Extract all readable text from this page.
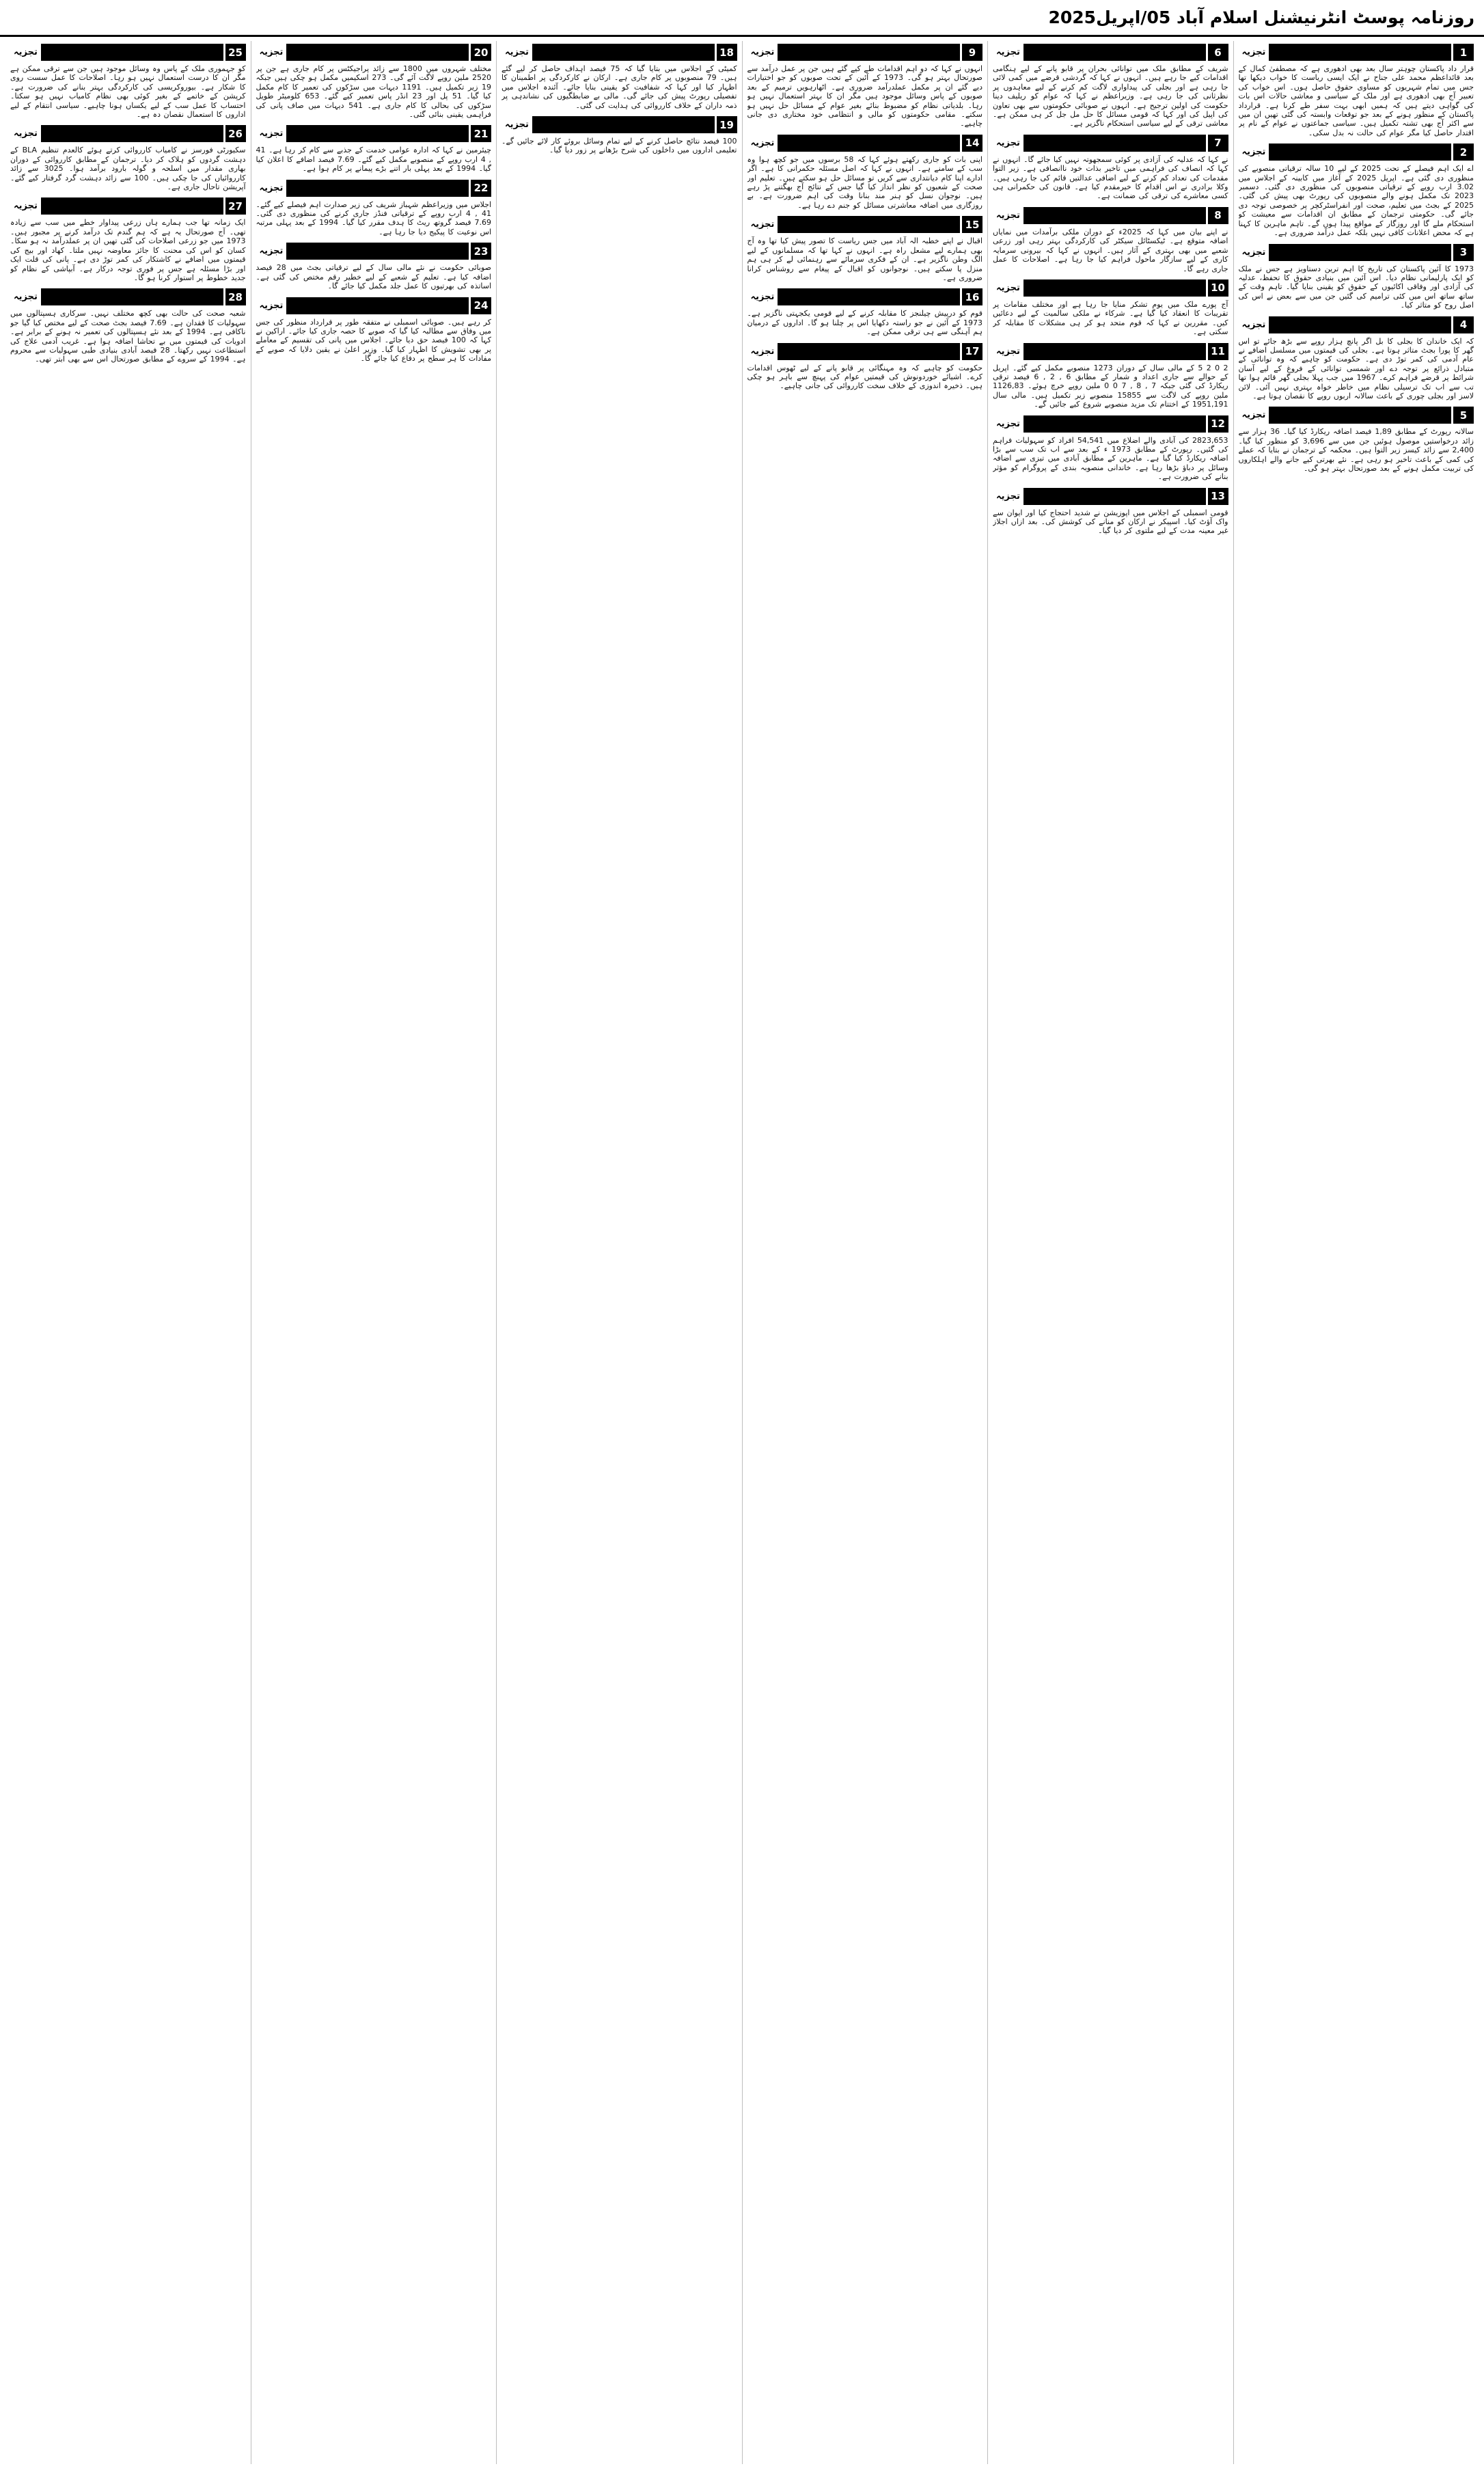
روزنامہ پوسٹ انٹرنیشنل اسلام آباد 05/اپریل2025
1
تجزیہ
قرار داد پاکستان چوہتر سال بعد بھی ادھوری ہے کہ مصطفیٰ کمال کے بعد قائداعظم محمد علی جناح نے ایک ایسی ریاست کا خواب دیکھا تھا جس میں تمام شہریوں کو مساوی حقوق حاصل ہوں۔ اس خواب کی تعبیر آج بھی ادھوری ہے اور ملک کے سیاسی و معاشی حالات اس بات کی گواہی دیتے ہیں کہ ہمیں ابھی بہت سفر طے کرنا ہے۔ قرارداد پاکستان کے منظور ہونے کے بعد جو توقعات وابستہ کی گئی تھیں ان میں سے اکثر آج بھی تشنہ تکمیل ہیں۔ سیاسی جماعتوں نے عوام کے نام پر اقتدار حاصل کیا مگر عوام کی حالت نہ بدل سکی۔
2
تجزیہ
اے ایک اہم فیصلے کے تحت 2025 کے لیے 10 سالہ ترقیاتی منصوبے کی منظوری دی گئی ہے۔ اپریل 2025 کے آغاز میں کابینہ کے اجلاس میں 3.02 ارب روپے کے ترقیاتی منصوبوں کی منظوری دی گئی۔ دسمبر 2023 تک مکمل ہونے والے منصوبوں کی رپورٹ بھی پیش کی گئی۔ 2025 کے بجٹ میں تعلیم، صحت اور انفراسٹرکچر پر خصوصی توجہ دی جائے گی۔ حکومتی ترجمان کے مطابق ان اقدامات سے معیشت کو استحکام ملے گا اور روزگار کے مواقع پیدا ہوں گے۔ تاہم ماہرین کا کہنا ہے کہ محض اعلانات کافی نہیں بلکہ عمل درآمد ضروری ہے۔
3
تجزیہ
1973 کا آئین پاکستان کی تاریخ کا اہم ترین دستاویز ہے جس نے ملک کو ایک پارلیمانی نظام دیا۔ اس آئین میں بنیادی حقوق کا تحفظ، عدلیہ کی آزادی اور وفاقی اکائیوں کے حقوق کو یقینی بنایا گیا۔ تاہم وقت کے ساتھ ساتھ اس میں کئی ترامیم کی گئیں جن میں سے بعض نے اس کی اصل روح کو متاثر کیا۔
4
تجزیہ
کہ ایک خاندان کا بجلی کا بل اگر پانچ ہزار روپے سے بڑھ جائے تو اس گھر کا پورا بجٹ متاثر ہوتا ہے۔ بجلی کی قیمتوں میں مسلسل اضافے نے عام آدمی کی کمر توڑ دی ہے۔ حکومت کو چاہیے کہ وہ توانائی کے متبادل ذرائع پر توجہ دے اور شمسی توانائی کے فروغ کے لیے آسان شرائط پر قرضے فراہم کرے۔ 1967 میں جب پہلا بجلی گھر قائم ہوا تھا تب سے اب تک ترسیلی نظام میں خاطر خواہ بہتری نہیں آئی۔ لائن لاسز اور بجلی چوری کے باعث سالانہ اربوں روپے کا نقصان ہوتا ہے۔
5
تجزیہ
سالانہ رپورٹ کے مطابق 1,89 فیصد اضافہ ریکارڈ کیا گیا۔ 36 ہزار سے زائد درخواستیں موصول ہوئیں جن میں سے 3,696 کو منظور کیا گیا۔ 2,400 سے زائد کیسز زیر التوا ہیں۔ محکمہ کے ترجمان نے بتایا کہ عملے کی کمی کے باعث تاخیر ہو رہی ہے۔ نئے بھرتی کیے جانے والے اہلکاروں کی تربیت مکمل ہونے کے بعد صورتحال بہتر ہو گی۔
6
تجزیہ
شریف کے مطابق ملک میں توانائی بحران پر قابو پانے کے لیے ہنگامی اقدامات کیے جا رہے ہیں۔ انہوں نے کہا کہ گردشی قرضے میں کمی لائی جا رہی ہے اور بجلی کی پیداواری لاگت کم کرنے کے لیے معاہدوں پر نظرثانی کی جا رہی ہے۔ وزیراعظم نے کہا کہ عوام کو ریلیف دینا حکومت کی اولین ترجیح ہے۔ انہوں نے صوبائی حکومتوں سے بھی تعاون کی اپیل کی اور کہا کہ قومی مسائل کا حل مل جل کر ہی ممکن ہے۔ معاشی ترقی کے لیے سیاسی استحکام ناگزیر ہے۔
7
تجزیہ
نے کہا کہ عدلیہ کی آزادی پر کوئی سمجھوتہ نہیں کیا جائے گا۔ انہوں نے کہا کہ انصاف کی فراہمی میں تاخیر بذات خود ناانصافی ہے۔ زیر التوا مقدمات کی تعداد کم کرنے کے لیے اضافی عدالتیں قائم کی جا رہی ہیں۔ وکلا برادری نے اس اقدام کا خیرمقدم کیا ہے۔ قانون کی حکمرانی ہی کسی معاشرے کی ترقی کی ضمانت ہے۔
8
تجزیہ
نے اپنے بیان میں کہا کہ 2025ء کے دوران ملکی برآمدات میں نمایاں اضافہ متوقع ہے۔ ٹیکسٹائل سیکٹر کی کارکردگی بہتر رہی اور زرعی شعبے میں بھی بہتری کے آثار ہیں۔ انہوں نے کہا کہ بیرونی سرمایہ کاری کے لیے سازگار ماحول فراہم کیا جا رہا ہے۔ اصلاحات کا عمل جاری رہے گا۔
10
تجزیہ
آج پورے ملک میں یوم تشکر منایا جا رہا ہے اور مختلف مقامات پر تقریبات کا انعقاد کیا گیا ہے۔ شرکاء نے ملکی سالمیت کے لیے دعائیں کیں۔ مقررین نے کہا کہ قوم متحد ہو کر ہی مشکلات کا مقابلہ کر سکتی ہے۔
11
تجزیہ
2 0 2 5 کے مالی سال کے دوران 1273 منصوبے مکمل کیے گئے۔ اپریل کے حوالے سے جاری اعداد و شمار کے مطابق 6 , 2 , 6 فیصد ترقی ریکارڈ کی گئی جبکہ 7 , 8 , 7 0 0 ملین روپے خرچ ہوئے۔ 1126,83 ملین روپے کی لاگت سے 15855 منصوبے زیر تکمیل ہیں۔ مالی سال 1951,191 کے اختتام تک مزید منصوبے شروع کیے جائیں گے۔
12
تجزیہ
2823,653 کی آبادی والے اضلاع میں 54,541 افراد کو سہولیات فراہم کی گئیں۔ رپورٹ کے مطابق 1973 ء کے بعد سے اب تک سب سے بڑا اضافہ ریکارڈ کیا گیا ہے۔ ماہرین کے مطابق آبادی میں تیزی سے اضافہ وسائل پر دباؤ بڑھا رہا ہے۔ خاندانی منصوبہ بندی کے پروگرام کو مؤثر بنانے کی ضرورت ہے۔
13
تجزیہ
قومی اسمبلی کے اجلاس میں اپوزیشن نے شدید احتجاج کیا اور ایوان سے واک آؤٹ کیا۔ اسپیکر نے ارکان کو منانے کی کوشش کی۔ بعد ازاں اجلاز غیر معینہ مدت کے لیے ملتوی کر دیا گیا۔
9
تجزیہ
انہوں نے کہا کہ دو اہم اقدامات طے کیے گئے ہیں جن پر عمل درآمد سے صورتحال بہتر ہو گی۔ 1973 کے آئین کے تحت صوبوں کو جو اختیارات دیے گئے ان پر مکمل عملدرآمد ضروری ہے۔ اٹھارہویں ترمیم کے بعد صوبوں کے پاس وسائل موجود ہیں مگر ان کا بہتر استعمال نہیں ہو رہا۔ بلدیاتی نظام کو مضبوط بنائے بغیر عوام کے مسائل حل نہیں ہو سکتے۔ مقامی حکومتوں کو مالی و انتظامی خود مختاری دی جانی چاہیے۔
14
تجزیہ
اپنی بات کو جاری رکھتے ہوئے کہا کہ 58 برسوں میں جو کچھ ہوا وہ سب کے سامنے ہے۔ انہوں نے کہا کہ اصل مسئلہ حکمرانی کا ہے۔ اگر ادارے اپنا کام دیانتداری سے کریں تو مسائل حل ہو سکتے ہیں۔ تعلیم اور صحت کے شعبوں کو نظر انداز کیا گیا جس کے نتائج آج بھگتنے پڑ رہے ہیں۔ نوجوان نسل کو ہنر مند بنانا وقت کی اہم ضرورت ہے۔ بے روزگاری میں اضافہ معاشرتی مسائل کو جنم دے رہا ہے۔
15
تجزیہ
اقبال نے اپنے خطبہ الہ آباد میں جس ریاست کا تصور پیش کیا تھا وہ آج بھی ہمارے لیے مشعل راہ ہے۔ انہوں نے کہا تھا کہ مسلمانوں کے لیے الگ وطن ناگزیر ہے۔ ان کے فکری سرمائے سے رہنمائی لے کر ہی ہم منزل پا سکتے ہیں۔ نوجوانوں کو اقبال کے پیغام سے روشناس کرانا ضروری ہے۔
16
تجزیہ
قوم کو درپیش چیلنجز کا مقابلہ کرنے کے لیے قومی یکجہتی ناگزیر ہے۔ 1973 کے آئین نے جو راستہ دکھایا اس پر چلنا ہو گا۔ اداروں کے درمیان ہم آہنگی سے ہی ترقی ممکن ہے۔
17
تجزیہ
حکومت کو چاہیے کہ وہ مہنگائی پر قابو پانے کے لیے ٹھوس اقدامات کرے۔ اشیائے خوردونوش کی قیمتیں عوام کی پہنچ سے باہر ہو چکی ہیں۔ ذخیرہ اندوزی کے خلاف سخت کارروائی کی جانی چاہیے۔
18
تجزیہ
کمیٹی کے اجلاس میں بتایا گیا کہ 75 فیصد اہداف حاصل کر لیے گئے ہیں۔ 79 منصوبوں پر کام جاری ہے۔ ارکان نے کارکردگی پر اطمینان کا اظہار کیا اور کہا کہ شفافیت کو یقینی بنایا جائے۔ آئندہ اجلاس میں تفصیلی رپورٹ پیش کی جائے گی۔ مالی بے ضابطگیوں کی نشاندہی پر ذمہ داران کے خلاف کارروائی کی ہدایت کی گئی۔
19
تجزیہ
100 فیصد نتائج حاصل کرنے کے لیے تمام وسائل بروئے کار لائے جائیں گے۔ تعلیمی اداروں میں داخلوں کی شرح بڑھانے پر زور دیا گیا۔
20
تجزیہ
مختلف شہروں میں 1800 سے زائد پراجیکٹس پر کام جاری ہے جن پر 2520 ملین روپے لاگت آئے گی۔ 273 اسکیمیں مکمل ہو چکی ہیں جبکہ 19 زیر تکمیل ہیں۔ 1191 دیہات میں سڑکوں کی تعمیر کا کام مکمل کیا گیا۔ 51 پل اور 23 انڈر پاس تعمیر کیے گئے۔ 653 کلومیٹر طویل سڑکوں کی بحالی کا کام جاری ہے۔ 541 دیہات میں صاف پانی کی فراہمی یقینی بنائی گئی۔
21
تجزیہ
چیئرمین نے کہا کہ ادارہ عوامی خدمت کے جذبے سے کام کر رہا ہے۔ 41 , 4 ارب روپے کے منصوبے مکمل کیے گئے۔ 7.69 فیصد اضافے کا اعلان کیا گیا۔ 1994 کے بعد پہلی بار اتنے بڑے پیمانے پر کام ہوا ہے۔
22
تجزیہ
اجلاس میں وزیراعظم شہباز شریف کی زیر صدارت اہم فیصلے کیے گئے۔ 41 , 4 ارب روپے کے ترقیاتی فنڈز جاری کرنے کی منظوری دی گئی۔ 7.69 فیصد گروتھ ریٹ کا ہدف مقرر کیا گیا۔ 1994 کے بعد پہلی مرتبہ اس نوعیت کا پیکیج دیا جا رہا ہے۔
23
تجزیہ
صوبائی حکومت نے نئے مالی سال کے لیے ترقیاتی بجٹ میں 28 فیصد اضافہ کیا ہے۔ تعلیم کے شعبے کے لیے خطیر رقم مختص کی گئی ہے۔ اساتذہ کی بھرتیوں کا عمل جلد مکمل کیا جائے گا۔
24
تجزیہ
کر رہے ہیں۔ صوبائی اسمبلی نے متفقہ طور پر قرارداد منظور کی جس میں وفاق سے مطالبہ کیا گیا کہ صوبے کا حصہ جاری کیا جائے۔ اراکین نے کہا کہ 100 فیصد حق دیا جائے۔ اجلاس میں پانی کی تقسیم کے معاملے پر بھی تشویش کا اظہار کیا گیا۔ وزیر اعلیٰ نے یقین دلایا کہ صوبے کے مفادات کا ہر سطح پر دفاع کیا جائے گا۔
25
تجزیہ
کو جہموری ملک کے پاس وہ وسائل موجود ہیں جن سے ترقی ممکن ہے مگر ان کا درست استعمال نہیں ہو رہا۔ اصلاحات کا عمل سست روی کا شکار ہے۔ بیوروکریسی کی کارکردگی بہتر بنانے کی ضرورت ہے۔ کرپشن کے خاتمے کے بغیر کوئی بھی نظام کامیاب نہیں ہو سکتا۔ احتساب کا عمل سب کے لیے یکساں ہونا چاہیے۔ سیاسی انتقام کے لیے اداروں کا استعمال نقصان دہ ہے۔
26
تجزیہ
سکیورٹی فورسز نے کامیاب کارروائی کرتے ہوئے کالعدم تنظیم BLA کے دہشت گردوں کو ہلاک کر دیا۔ ترجمان کے مطابق کارروائی کے دوران بھاری مقدار میں اسلحہ و گولہ بارود برآمد ہوا۔ 3025 سے زائد کارروائیاں کی جا چکی ہیں۔ 100 سے زائد دہشت گرد گرفتار کیے گئے۔ آپریشن تاحال جاری ہے۔
27
تجزیہ
ایک زمانہ تھا جب ہمارے ہاں زرعی پیداوار خطے میں سب سے زیادہ تھی۔ آج صورتحال یہ ہے کہ ہم گندم تک درآمد کرنے پر مجبور ہیں۔ 1973 میں جو زرعی اصلاحات کی گئی تھیں ان پر عملدرآمد نہ ہو سکا۔ کسان کو اس کی محنت کا جائز معاوضہ نہیں ملتا۔ کھاد اور بیج کی قیمتوں میں اضافے نے کاشتکار کی کمر توڑ دی ہے۔ پانی کی قلت ایک اور بڑا مسئلہ ہے جس پر فوری توجہ درکار ہے۔ آبپاشی کے نظام کو جدید خطوط پر استوار کرنا ہو گا۔
28
تجزیہ
شعبہ صحت کی حالت بھی کچھ مختلف نہیں۔ سرکاری ہسپتالوں میں سہولیات کا فقدان ہے۔ 7.69 فیصد بجٹ صحت کے لیے مختص کیا گیا جو ناکافی ہے۔ 1994 کے بعد نئے ہسپتالوں کی تعمیر نہ ہونے کے برابر ہے۔ ادویات کی قیمتوں میں بے تحاشا اضافہ ہوا ہے۔ غریب آدمی علاج کی استطاعت نہیں رکھتا۔ 28 فیصد آبادی بنیادی طبی سہولیات سے محروم ہے۔ 1994 کے سروے کے مطابق صورتحال اس سے بھی ابتر تھی۔
